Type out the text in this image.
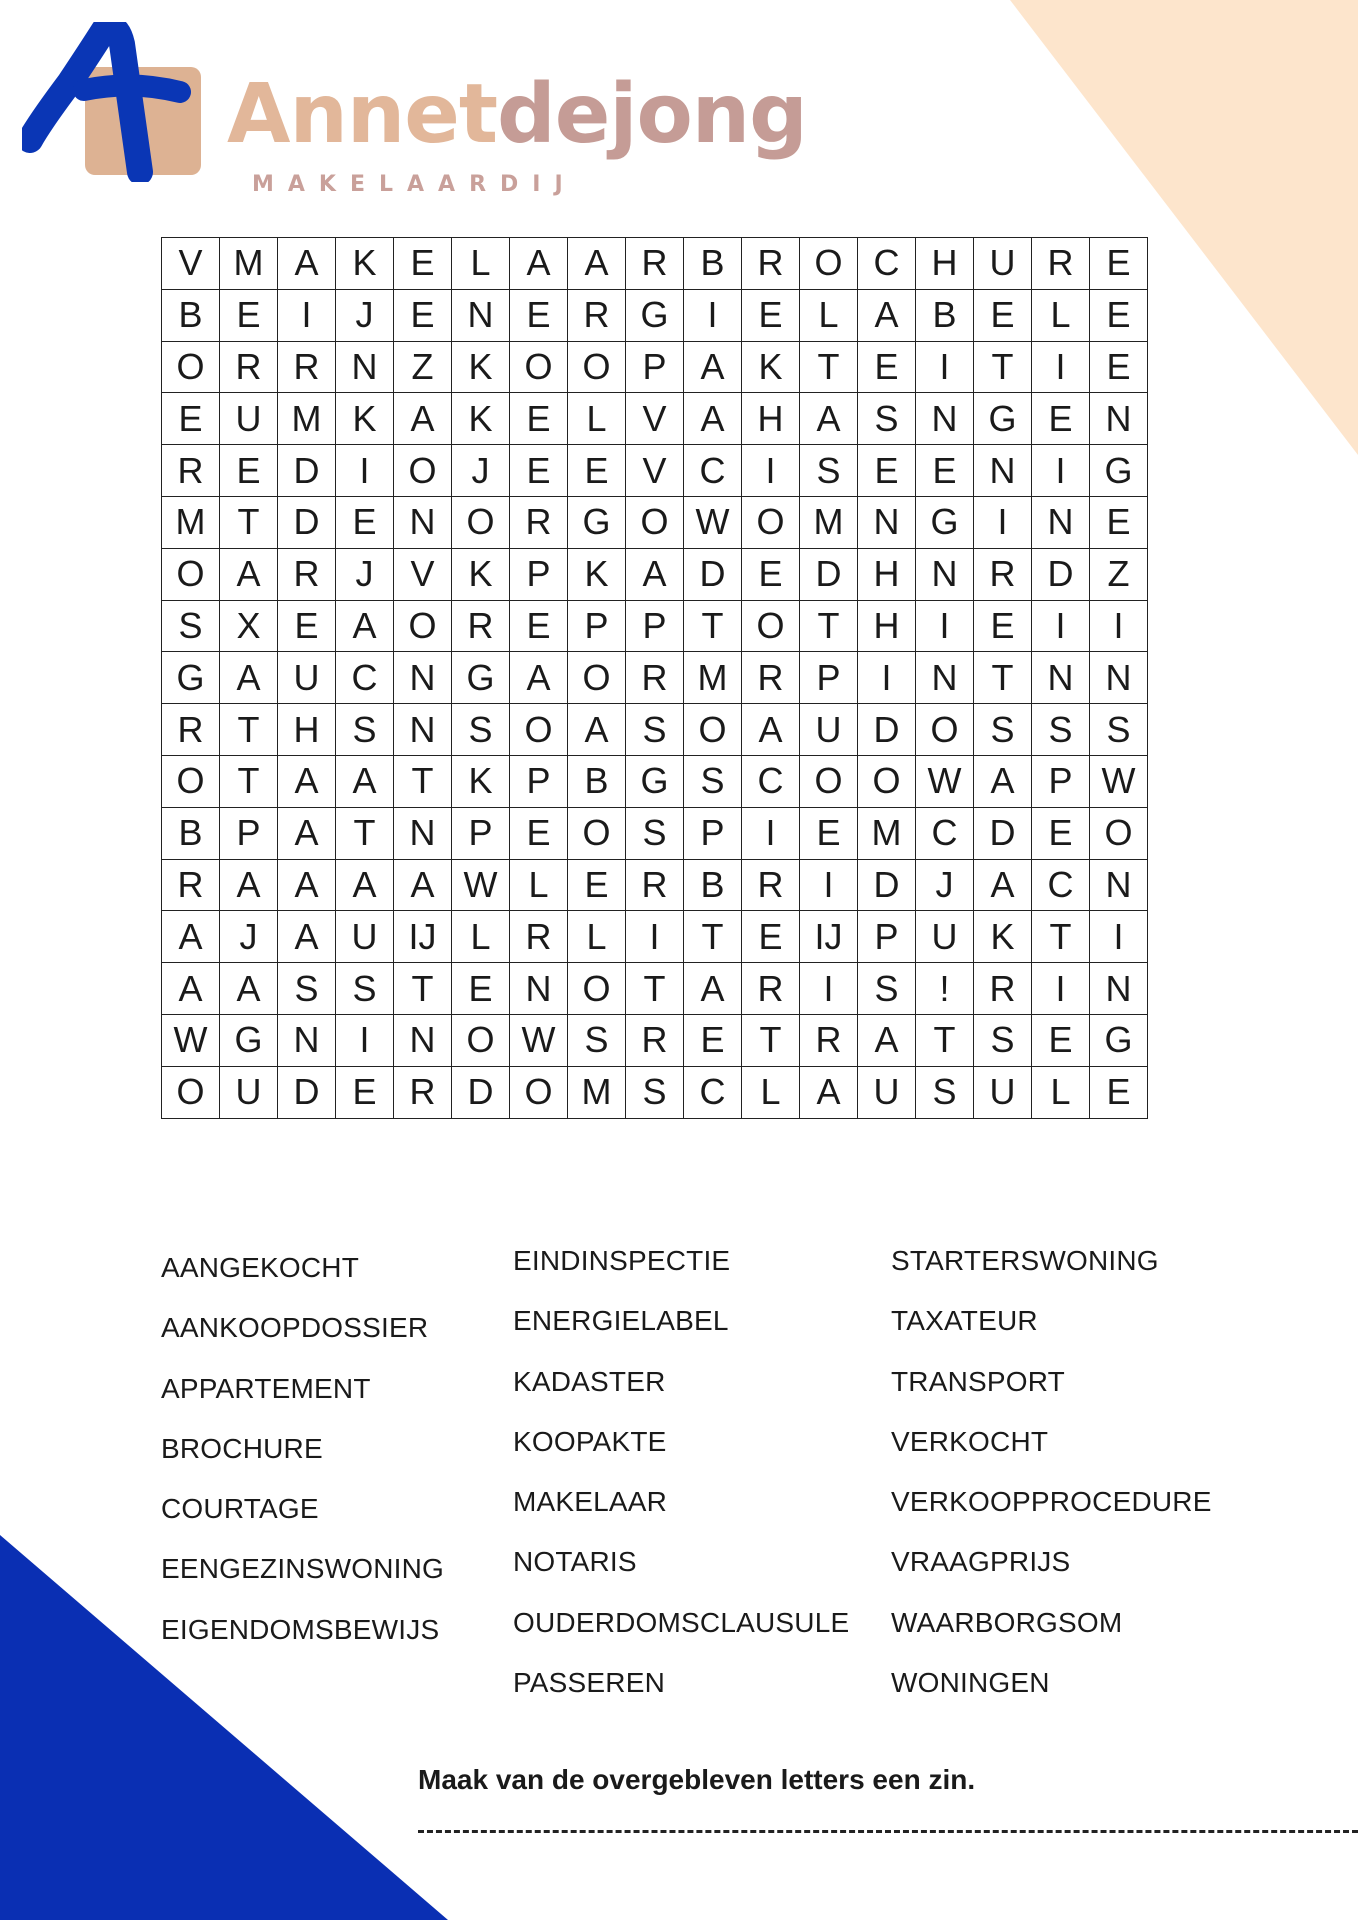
Annetdejong
MAKELAARDIJ
V	M	A	K	E	L	A	A	R	B	R	O	C	H	U	R	E
B	E	I	J	E	N	E	R	G	I	E	L	A	B	E	L	E
O	R	R	N	Z	K	O	O	P	A	K	T	E	I	T	I	E
E	U	M	K	A	K	E	L	V	A	H	A	S	N	G	E	N
R	E	D	I	O	J	E	E	V	C	I	S	E	E	N	I	G
M	T	D	E	N	O	R	G	O	W	O	M	N	G	I	N	E
O	A	R	J	V	K	P	K	A	D	E	D	H	N	R	D	Z
S	X	E	A	O	R	E	P	P	T	O	T	H	I	E	I	I
G	A	U	C	N	G	A	O	R	M	R	P	I	N	T	N	N
R	T	H	S	N	S	O	A	S	O	A	U	D	O	S	S	S
O	T	A	A	T	K	P	B	G	S	C	O	O	W	A	P	W
B	P	A	T	N	P	E	O	S	P	I	E	M	C	D	E	O
R	A	A	A	A	W	L	E	R	B	R	I	D	J	A	C	N
A	J	A	U	IJ	L	R	L	I	T	E	IJ	P	U	K	T	I
A	A	S	S	T	E	N	O	T	A	R	I	S	!	R	I	N
W	G	N	I	N	O	W	S	R	E	T	R	A	T	S	E	G
O	U	D	E	R	D	O	M	S	C	L	A	U	S	U	L	E
AANGEKOCHT
AANKOOPDOSSIER
APPARTEMENT
BROCHURE
COURTAGE
EENGEZINSWONING
EIGENDOMSBEWIJS
EINDINSPECTIE
ENERGIELABEL
KADASTER
KOOPAKTE
MAKELAAR
NOTARIS
OUDERDOMSCLAUSULE
PASSEREN
STARTERSWONING
TAXATEUR
TRANSPORT
VERKOCHT
VERKOOPPROCEDURE
VRAAGPRIJS
WAARBORGSOM
WONINGEN
Maak van de overgebleven letters een zin.
